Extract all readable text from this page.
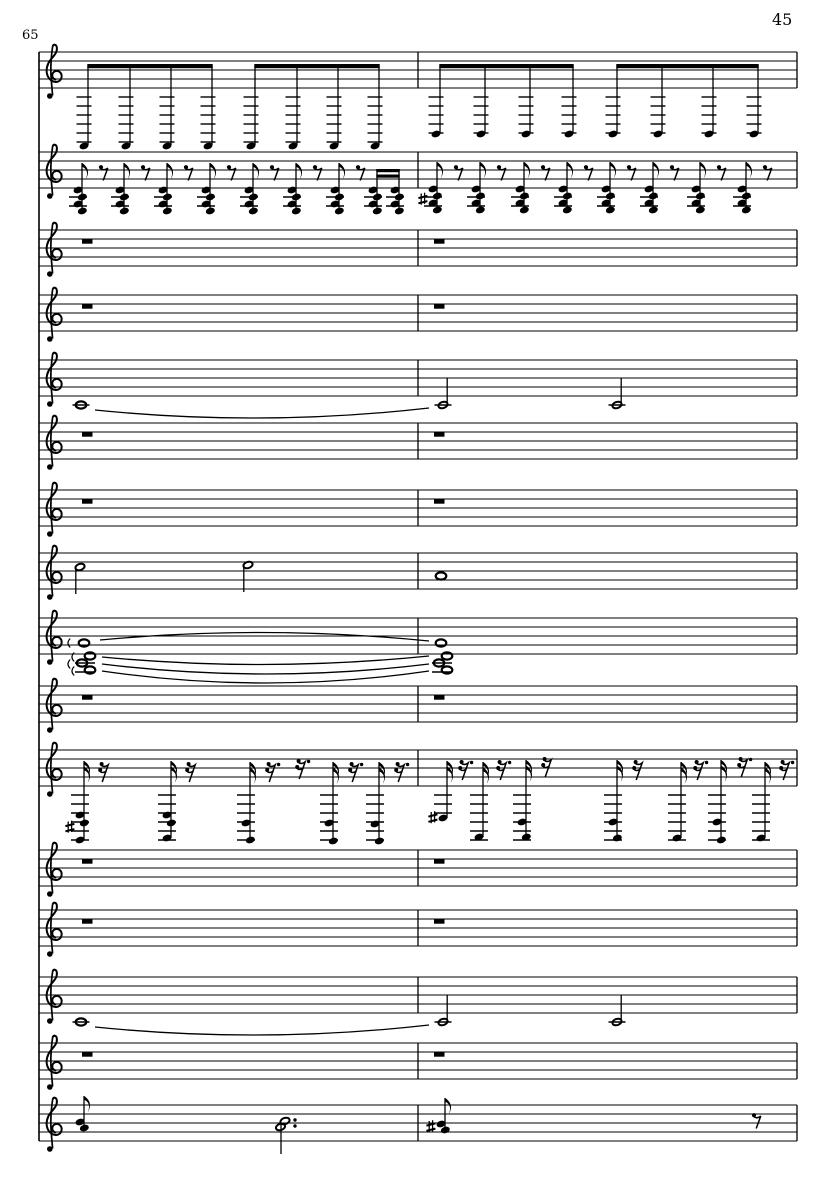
65
45
